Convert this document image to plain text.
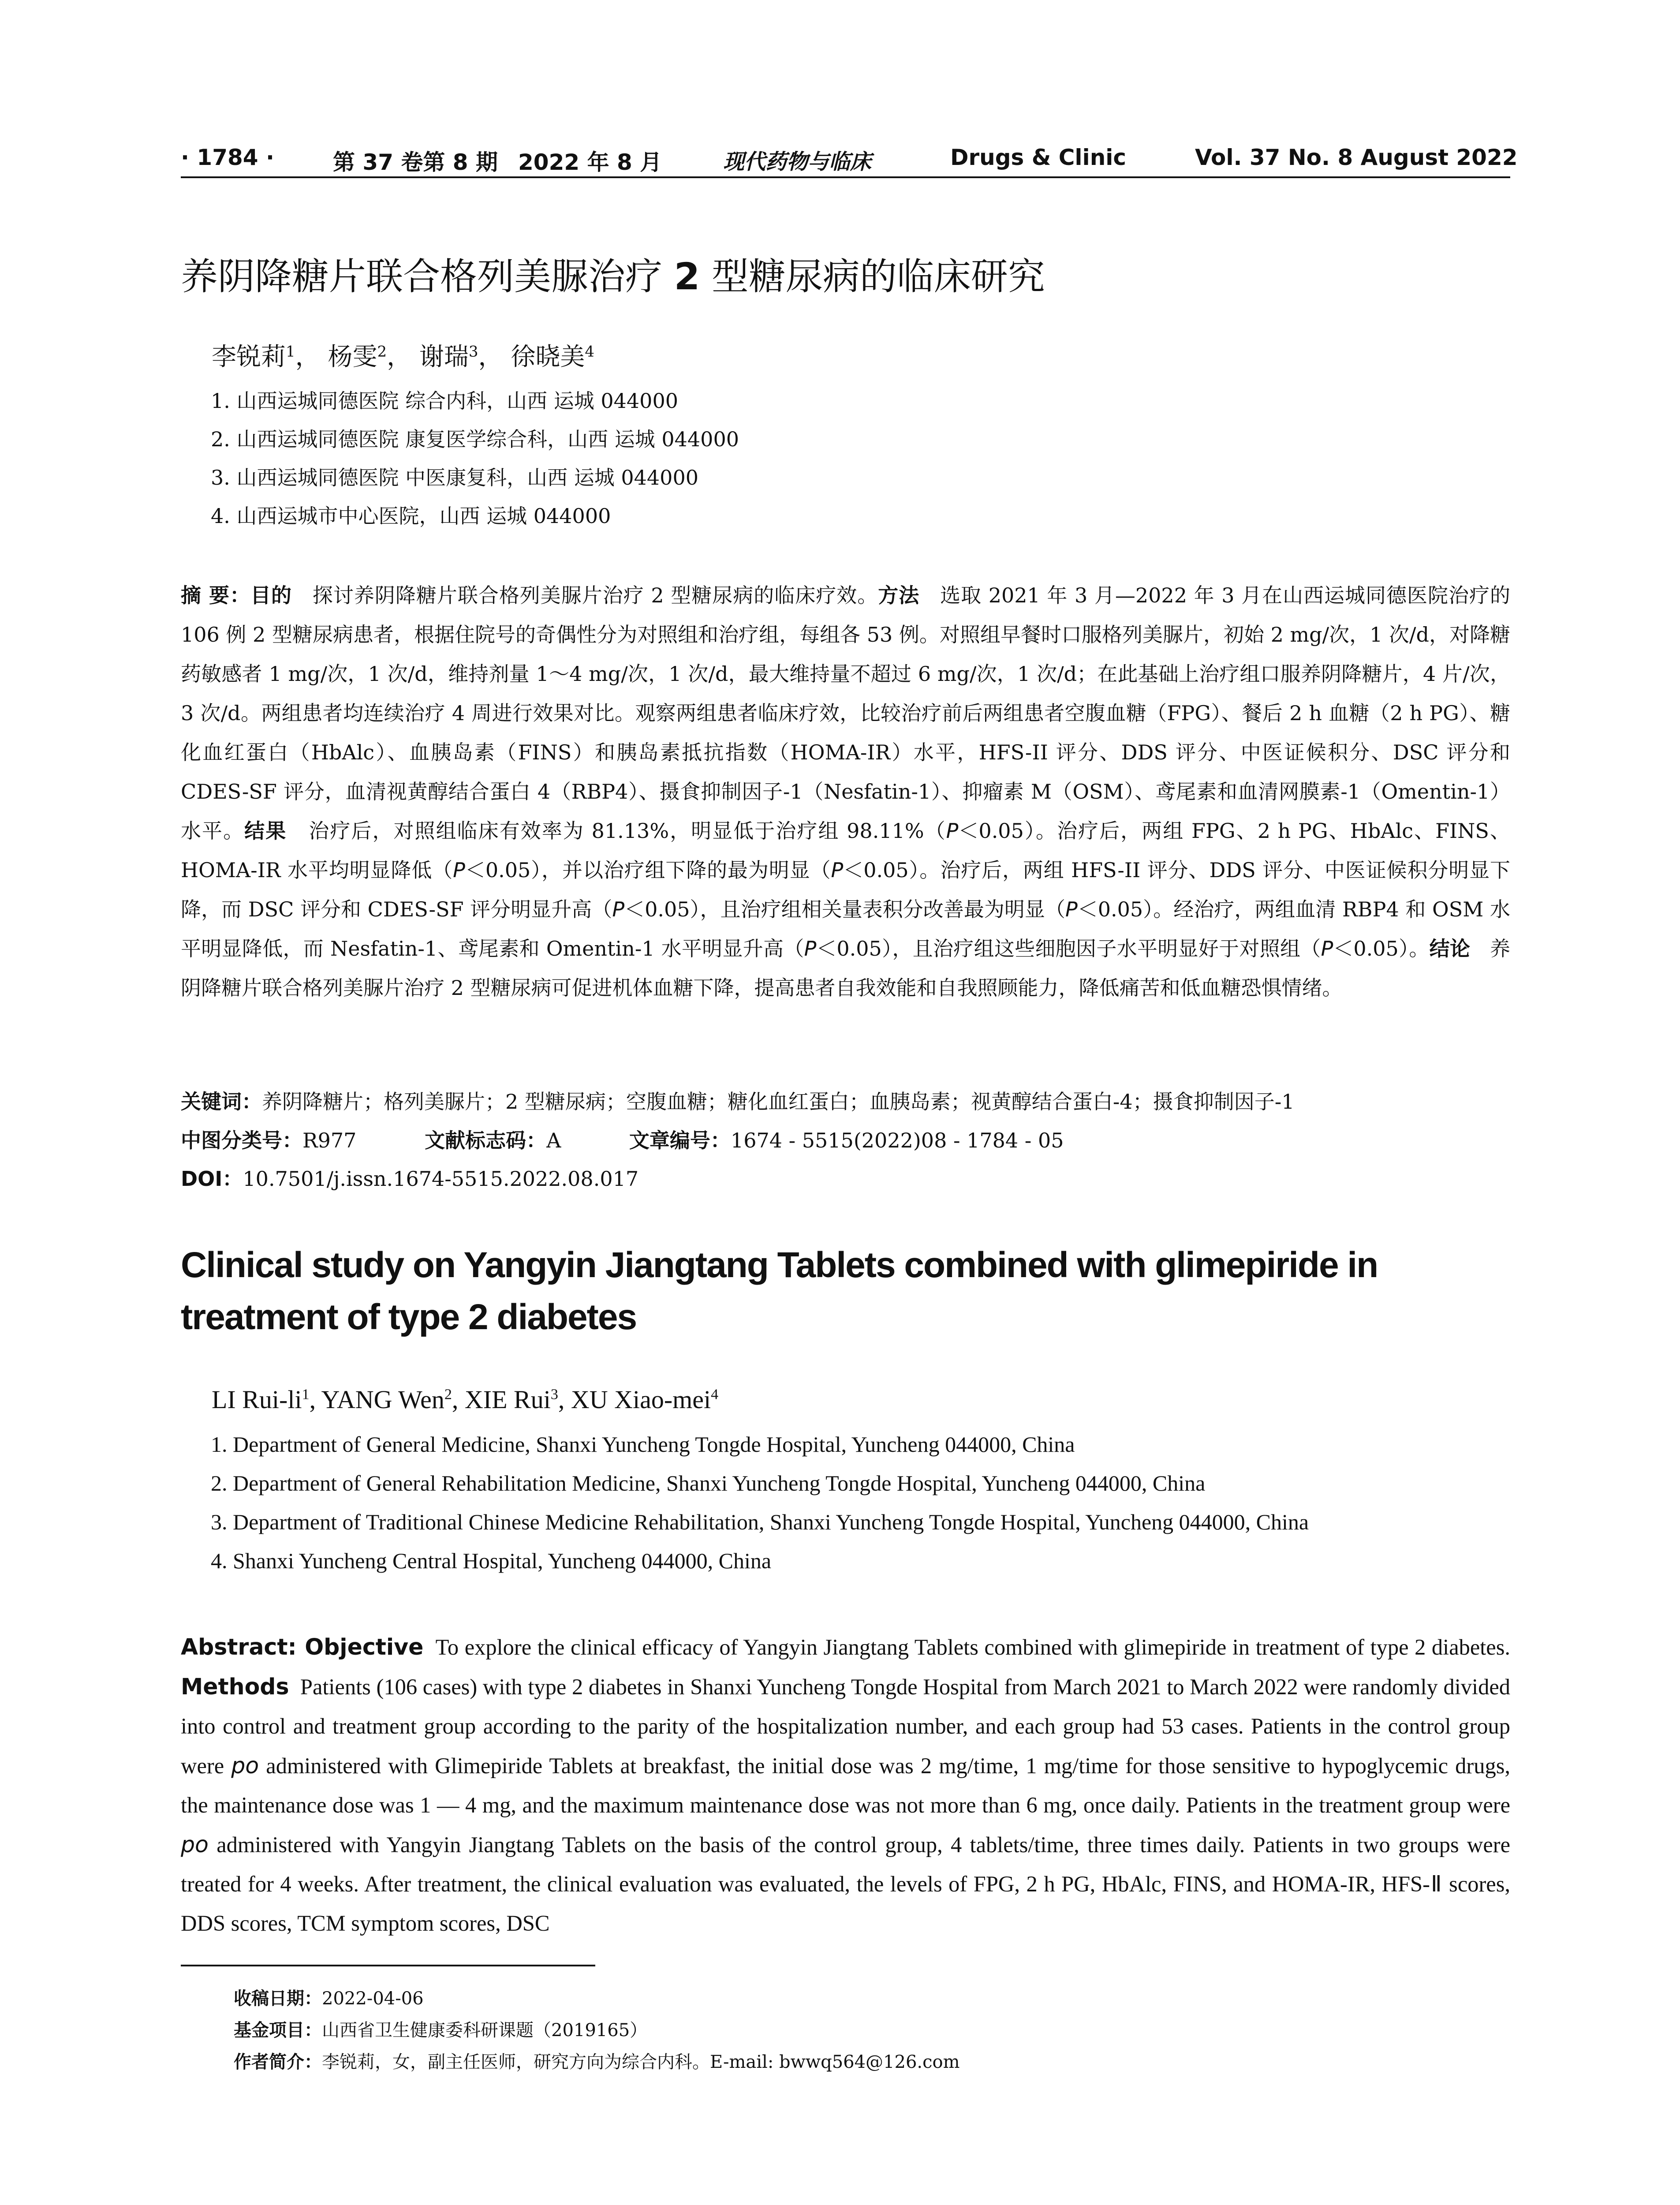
· 1784 ·	第 37 卷第 8 期 2022 年 8 月	现代药物与临床	Drugs & Clinic	Vol. 37 No. 8 August 2022
养阴降糖片联合格列美脲治疗 2 型糖尿病的临床研究
李锐莉$^1$， 杨雯$^2$， 谢瑞$^3$， 徐晓美$^4$
1. 山西运城同德医院 综合内科，山西 运城 044000
2. 山西运城同德医院 康复医学综合科，山西 运城 044000
3. 山西运城同德医院 中医康复科，山西 运城 044000
4. 山西运城市中心医院，山西 运城 044000
摘 要：目的 探讨养阴降糖片联合格列美脲片治疗 2 型糖尿病的临床疗效。方法 选取 2021 年 3 月—2022 年 3 月在山西运城同德医院治疗的 106 例 2 型糖尿病患者，根据住院号的奇偶性分为对照组和治疗组，每组各 53 例。对照组早餐时口服格列美脲片，初始 2 mg/次，1 次/d，对降糖药敏感者 1 mg/次，1 次/d，维持剂量 1～4 mg/次，1 次/d，最大维持量不超过 6 mg/次，1 次/d；在此基础上治疗组口服养阴降糖片，4 片/次，3 次/d。两组患者均连续治疗 4 周进行效果对比。观察两组患者临床疗效，比较治疗前后两组患者空腹血糖（FPG）、餐后 2 h 血糖（2 h PG）、糖化血红蛋白（HbAlc）、血胰岛素（FINS）和胰岛素抵抗指数（HOMA-IR）水平，HFS-II 评分、DDS 评分、中医证候积分、DSC 评分和 CDES-SF 评分，血清视黄醇结合蛋白 4（RBP4）、摄食抑制因子-1（Nesfatin-1）、抑瘤素 M（OSM）、鸢尾素和血清网膜素-1（Omentin-1）水平。结果 治疗后，对照组临床有效率为 81.13%，明显低于治疗组 98.11%（P＜0.05）。治疗后，两组 FPG、2 h PG、HbAlc、FINS、HOMA-IR 水平均明显降低（P＜0.05），并以治疗组下降的最为明显（P＜0.05）。治疗后，两组 HFS-II 评分、DDS 评分、中医证候积分明显下降，而 DSC 评分和 CDES-SF 评分明显升高（P＜0.05），且治疗组相关量表积分改善最为明显（P＜0.05）。经治疗，两组血清 RBP4 和 OSM 水平明显降低，而 Nesfatin-1、鸢尾素和 Omentin-1 水平明显升高（P＜0.05），且治疗组这些细胞因子水平明显好于对照组（P＜0.05）。结论 养阴降糖片联合格列美脲片治疗 2 型糖尿病可促进机体血糖下降，提高患者自我效能和自我照顾能力，降低痛苦和低血糖恐惧情绪。
关键词：养阴降糖片；格列美脲片；2 型糖尿病；空腹血糖；糖化血红蛋白；血胰岛素；视黄醇结合蛋白-4；摄食抑制因子-1
中图分类号：R977	文献标志码：A	文章编号：1674 - 5515(2022)08 - 1784 - 05
DOI：10.7501/j.issn.1674-5515.2022.08.017
Clinical study on Yangyin Jiangtang Tablets combined with glimepiride in treatment of type 2 diabetes
LI Rui-$li^1$, YANG Wen$^2$, XIE Rui$^3$, XU Xiao-mei$^4$
1. Department of General Medicine, Shanxi Yuncheng Tongde Hospital, Yuncheng 044000, China
2. Department of General Rehabilitation Medicine, Shanxi Yuncheng Tongde Hospital, Yuncheng 044000, China
3. Department of Traditional Chinese Medicine Rehabilitation, Shanxi Yuncheng Tongde Hospital, Yuncheng 044000, China
4. Shanxi Yuncheng Central Hospital, Yuncheng 044000, China
Abstract: Objective To explore the clinical efficacy of Yangyin Jiangtang Tablets combined with glimepiride in treatment of type 2 diabetes. Methods Patients (106 cases) with type 2 diabetes in Shanxi Yuncheng Tongde Hospital from March 2021 to March 2022 were randomly divided into control and treatment group according to the parity of the hospitalization number, and each group had 53 cases. Patients in the control group were po administered with Glimepiride Tablets at breakfast, the initial dose was 2 mg/time, 1 mg/time for those sensitive to hypoglycemic drugs, the maintenance dose was 1 — 4 mg, and the maximum maintenance dose was not more than 6 mg, once daily. Patients in the treatment group were po administered with Yangyin Jiangtang Tablets on the basis of the control group, 4 tablets/time, three times daily. Patients in two groups were treated for 4 weeks. After treatment, the clinical evaluation was evaluated, the levels of FPG, 2 h PG, HbAlc, FINS, and HOMA-IR, HFS-Ⅱ scores, DDS scores, TCM symptom scores, DSC
收稿日期：2022-04-06
基金项目：山西省卫生健康委科研课题（2019165）
作者简介：李锐莉，女，副主任医师，研究方向为综合内科。E-mail: bwwq564@126.com
